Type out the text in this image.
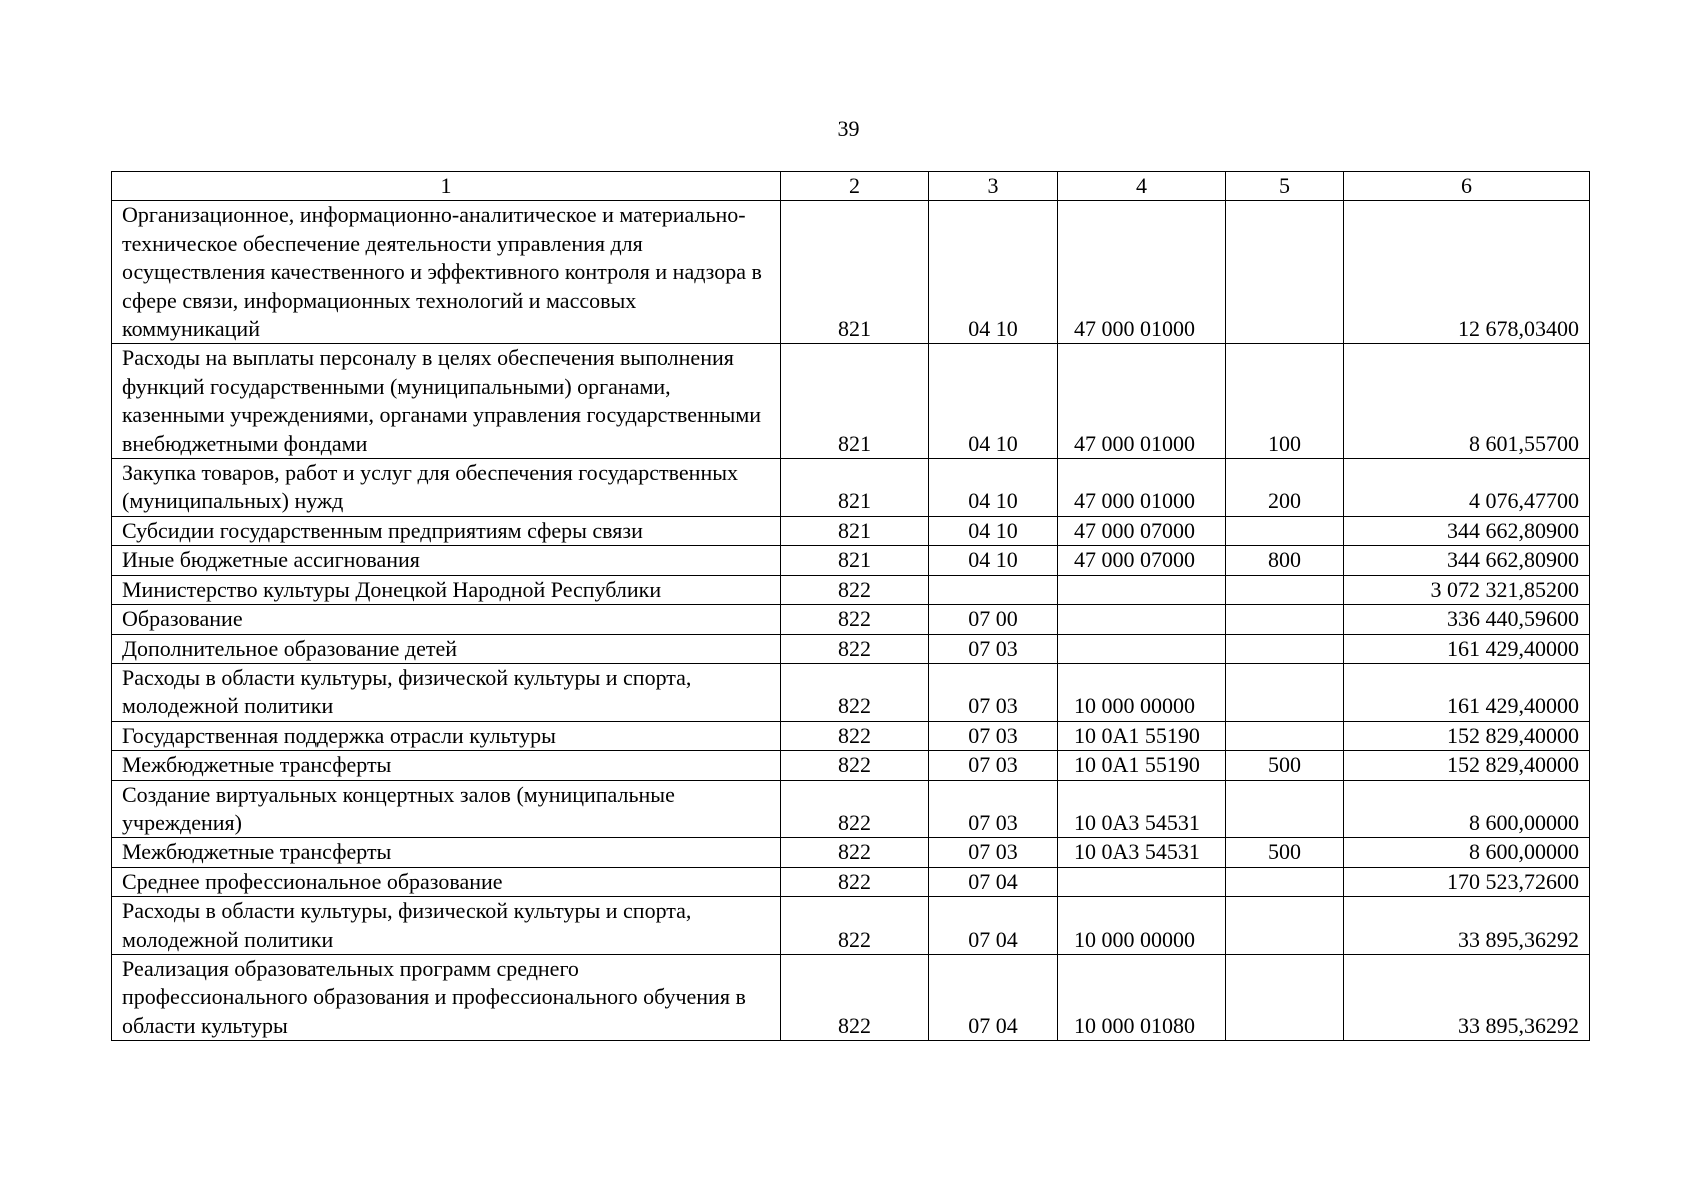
39
1	2	3	4	5	6
Организационное, информационно-аналитическое и материально-техническое обеспечение деятельности управления для осуществления качественного и эффективного контроля и надзора в сфере связи, информационных технологий и массовых коммуникаций	821	04 10	47 000 01000		12 678,03400
Расходы на выплаты персоналу в целях обеспечения выполнения функций государственными (муниципальными) органами, казенными учреждениями, органами управления государственными внебюджетными фондами	821	04 10	47 000 01000	100	8 601,55700
Закупка товаров, работ и услуг для обеспечения государственных (муниципальных) нужд	821	04 10	47 000 01000	200	4 076,47700
Субсидии государственным предприятиям сферы связи	821	04 10	47 000 07000		344 662,80900
Иные бюджетные ассигнования	821	04 10	47 000 07000	800	344 662,80900
Министерство культуры Донецкой Народной Республики	822				3 072 321,85200
Образование	822	07 00			336 440,59600
Дополнительное образование детей	822	07 03			161 429,40000
Расходы в области культуры, физической культуры и спорта, молодежной политики	822	07 03	10 000 00000		161 429,40000
Государственная поддержка отрасли культуры	822	07 03	10 0А1 55190		152 829,40000
Межбюджетные трансферты	822	07 03	10 0А1 55190	500	152 829,40000
Создание виртуальных концертных залов (муниципальные учреждения)	822	07 03	10 0А3 54531		8 600,00000
Межбюджетные трансферты	822	07 03	10 0А3 54531	500	8 600,00000
Среднее профессиональное образование	822	07 04			170 523,72600
Расходы в области культуры, физической культуры и спорта, молодежной политики	822	07 04	10 000 00000		33 895,36292
Реализация образовательных программ среднего профессионального образования и профессионального обучения в области культуры	822	07 04	10 000 01080		33 895,36292
